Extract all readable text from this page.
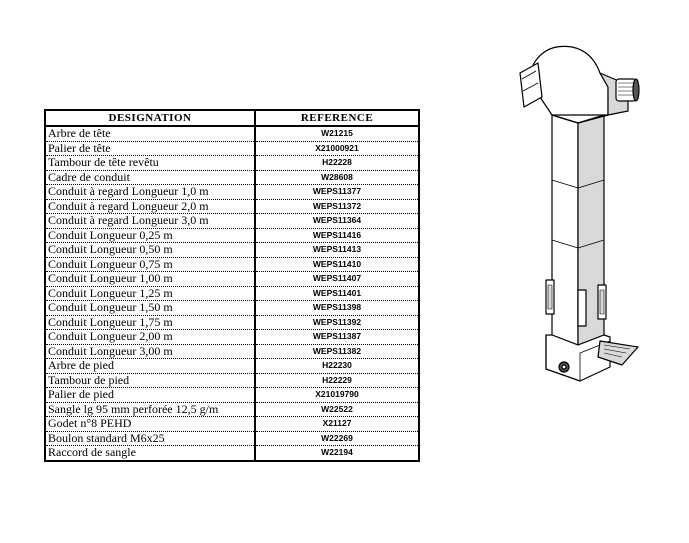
DESIGNATION	REFERENCE
Arbre de tête	W21215
Palier de tête	X21000921
Tambour de tête revêtu	H22228
Cadre de conduit	W28608
Conduit à regard Longueur 1,0 m	WEPS11377
Conduit à regard Longueur 2,0 m	WEPS11372
Conduit à regard Longueur 3,0 m	WEPS11364
Conduit Longueur 0,25 m	WEPS11416
Conduit Longueur 0,50 m	WEPS11413
Conduit Longueur 0,75 m	WEPS11410
Conduit Longueur 1,00 m	WEPS11407
Conduit Longueur 1,25 m	WEPS11401
Conduit Longueur 1,50 m	WEPS11398
Conduit Longueur 1,75 m	WEPS11392
Conduit Longueur 2,00 m	WEPS11387
Conduit Longueur 3,00 m	WEPS11382
Arbre de pied	H22230
Tambour de pied	H22229
Palier de pied	X21019790
Sangle lg 95 mm perforée 12,5 g/m	W22522
Godet n°8 PEHD	X21127
Boulon standard M6x25	W22269
Raccord de sangle	W22194
